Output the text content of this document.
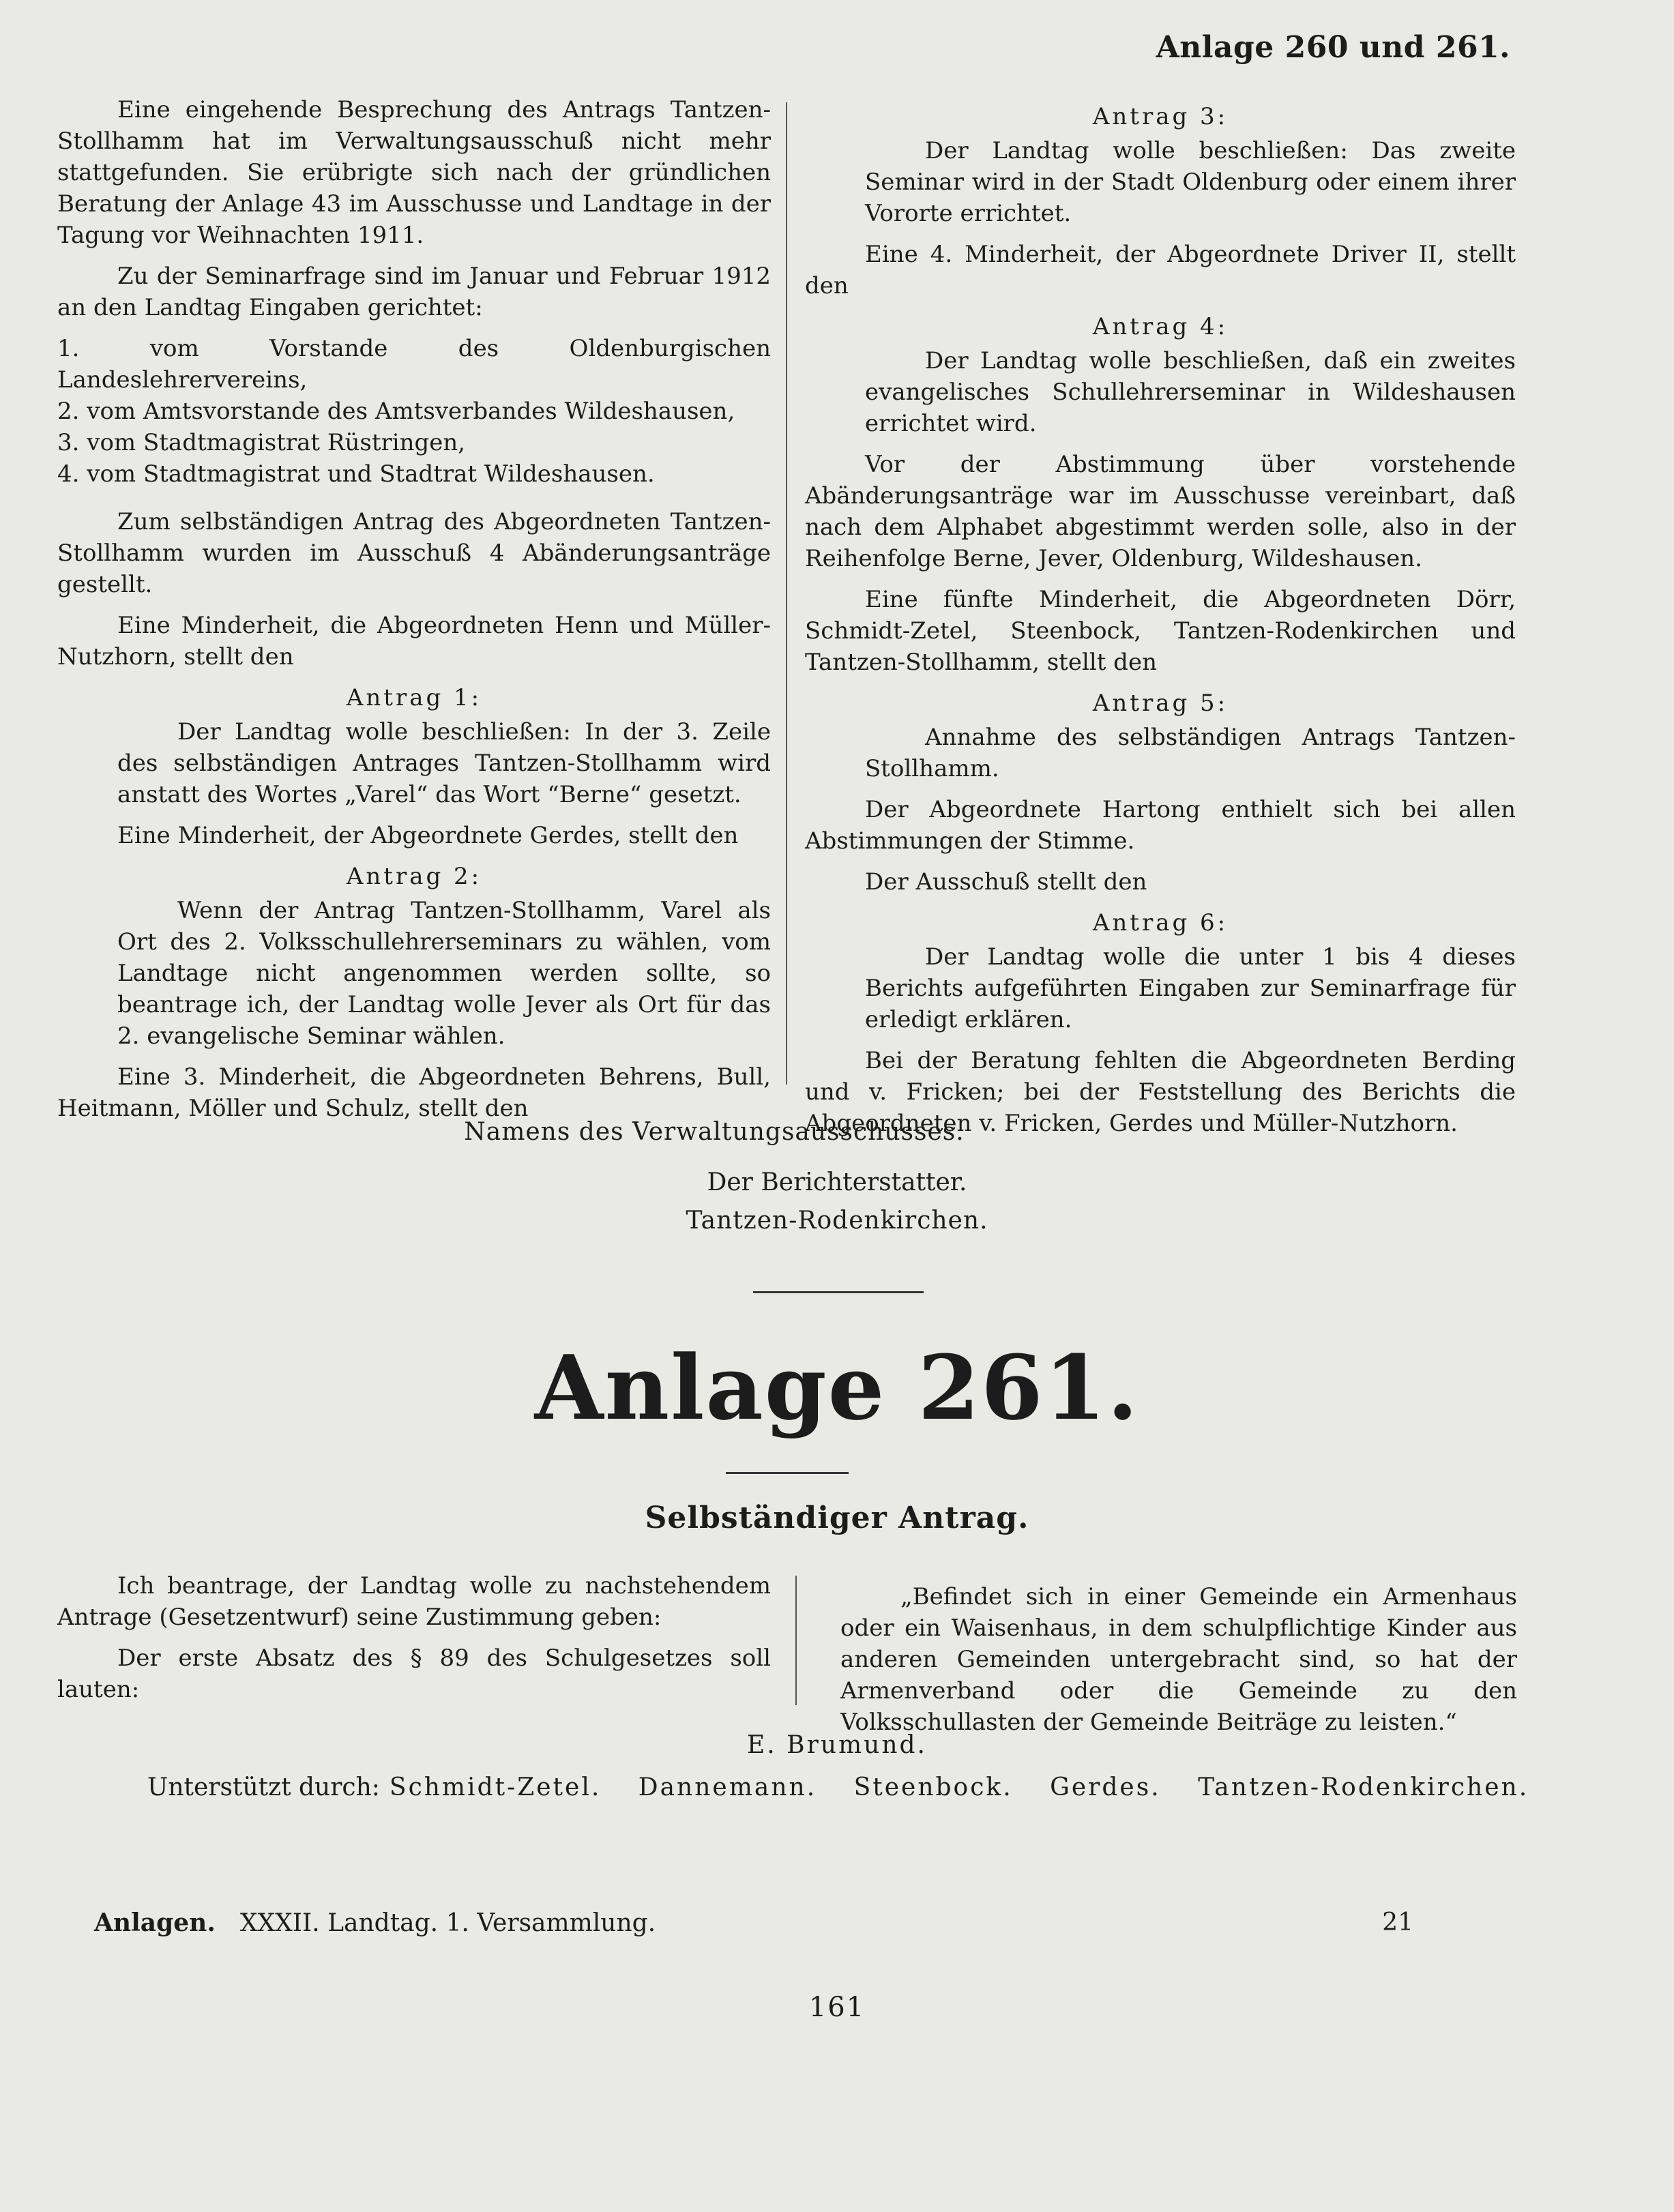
Anlage 260 und 261.

Eine eingehende Besprechung des Antrags Tantzen-Stollhamm hat im Verwaltungsausschuß nicht mehr stattgefunden. Sie erübrigte sich nach der gründlichen Beratung der Anlage 43 im Ausschusse und Landtage in der Tagung vor Weihnachten 1911.

Zu der Seminarfrage sind im Januar und Februar 1912 an den Landtag Eingaben gerichtet:

1. vom Vorstande des Oldenburgischen Landeslehrervereins,
2. vom Amtsvorstande des Amtsverbandes Wildeshausen,
3. vom Stadtmagistrat Rüstringen,
4. vom Stadtmagistrat und Stadtrat Wildeshausen.

Zum selbständigen Antrag des Abgeordneten Tantzen-Stollhamm wurden im Ausschuß 4 Abänderungsanträge gestellt.

Eine Minderheit, die Abgeordneten Henn und Müller-Nutzhorn, stellt den

Antrag 1:

Der Landtag wolle beschließen: In der 3. Zeile des selbständigen Antrages Tantzen-Stollhamm wird anstatt des Wortes „Varel“ das Wort “Berne“ gesetzt.

Eine Minderheit, der Abgeordnete Gerdes, stellt den

Antrag 2:

Wenn der Antrag Tantzen-Stollhamm, Varel als Ort des 2. Volksschullehrerseminars zu wählen, vom Landtage nicht angenommen werden sollte, so beantrage ich, der Landtag wolle Jever als Ort für das 2. evangelische Seminar wählen.

Eine 3. Minderheit, die Abgeordneten Behrens, Bull, Heitmann, Möller und Schulz, stellt den

Antrag 3:

Der Landtag wolle beschließen: Das zweite Seminar wird in der Stadt Oldenburg oder einem ihrer Vororte errichtet.

Eine 4. Minderheit, der Abgeordnete Driver II, stellt den

Antrag 4:

Der Landtag wolle beschließen, daß ein zweites evangelisches Schullehrerseminar in Wildeshausen errichtet wird.

Vor der Abstimmung über vorstehende Abänderungsanträge war im Ausschusse vereinbart, daß nach dem Alphabet abgestimmt werden solle, also in der Reihenfolge Berne, Jever, Oldenburg, Wildeshausen.

Eine fünfte Minderheit, die Abgeordneten Dörr, Schmidt-Zetel, Steenbock, Tantzen-Rodenkirchen und Tantzen-Stollhamm, stellt den

Antrag 5:

Annahme des selbständigen Antrags Tantzen-Stollhamm.

Der Abgeordnete Hartong enthielt sich bei allen Abstimmungen der Stimme.

Der Ausschuß stellt den

Antrag 6:

Der Landtag wolle die unter 1 bis 4 dieses Berichts aufgeführten Eingaben zur Seminarfrage für erledigt erklären.

Bei der Beratung fehlten die Abgeordneten Berding und v. Fricken; bei der Feststellung des Berichts die Abgeordneten v. Fricken, Gerdes und Müller-Nutzhorn.

Namens des Verwaltungsausschusses.
Der Berichterstatter.
Tantzen-Rodenkirchen.
Anlage 261.
Selbständiger Antrag.

Ich beantrage, der Landtag wolle zu nachstehendem Antrage (Gesetzentwurf) seine Zustimmung geben:

Der erste Absatz des § 89 des Schulgesetzes soll lauten:

„Befindet sich in einer Gemeinde ein Armenhaus oder ein Waisenhaus, in dem schulpflichtige Kinder aus anderen Gemeinden untergebracht sind, so hat der Armenverband oder die Gemeinde zu den Volksschullasten der Gemeinde Beiträge zu leisten.“

E. Brumund.
Unterstützt durch: Schmidt-Zetel. Dannemann. Steenbock. Gerdes. Tantzen-Rodenkirchen.
Anlagen. XXXII. Landtag. 1. Versammlung.	21
161
